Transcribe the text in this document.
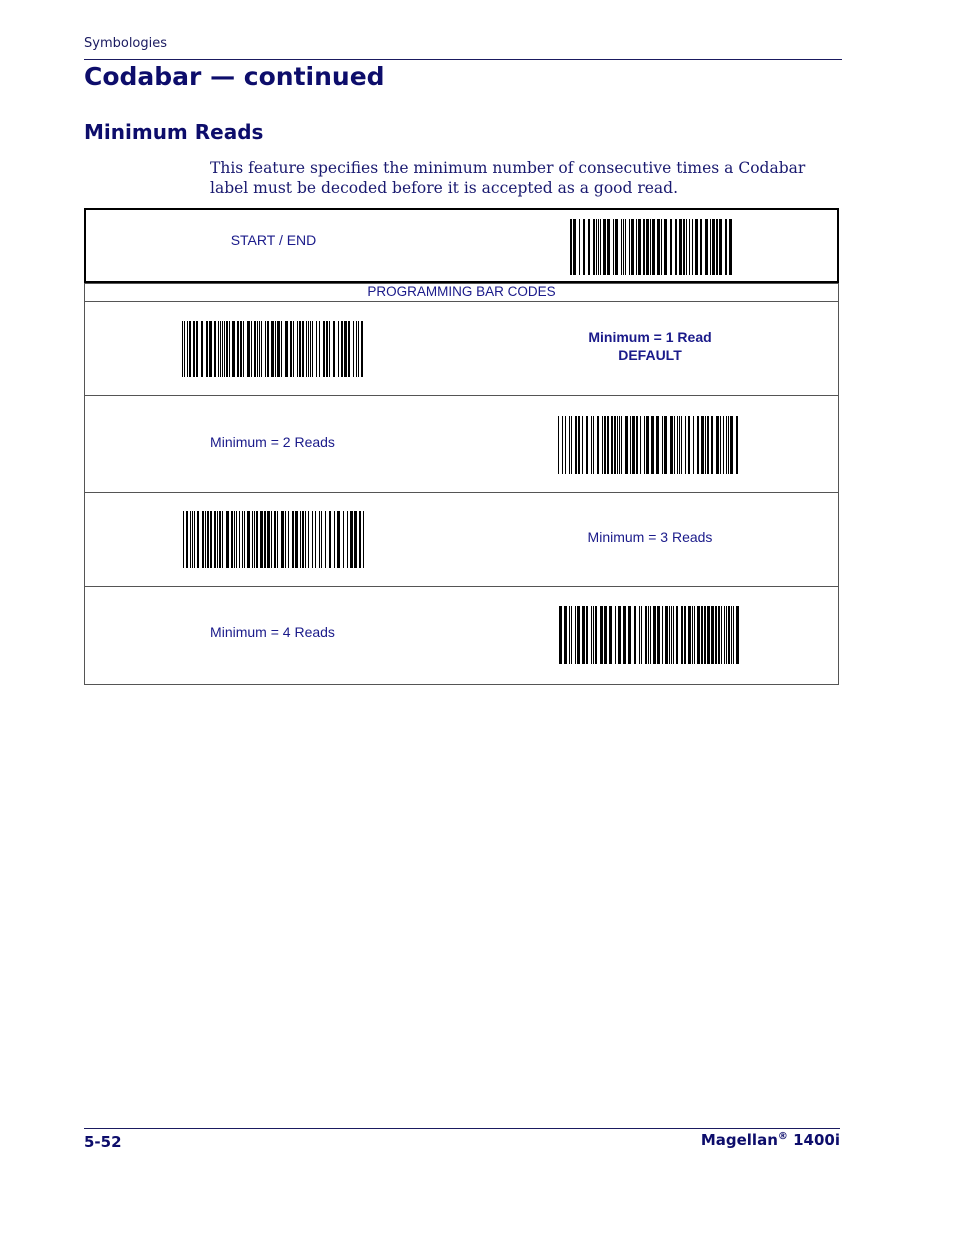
Symbologies
Codabar — continued
Minimum Reads
This feature specifies the minimum number of consecutive times a Codabar label must be decoded before it is accepted as a good read.
START / END
PROGRAMMING BAR CODES
Minimum = 1 Read
DEFAULT
Minimum = 2 Reads
Minimum = 3 Reads
Minimum = 4 Reads
5-52	Magellan® 1400i
